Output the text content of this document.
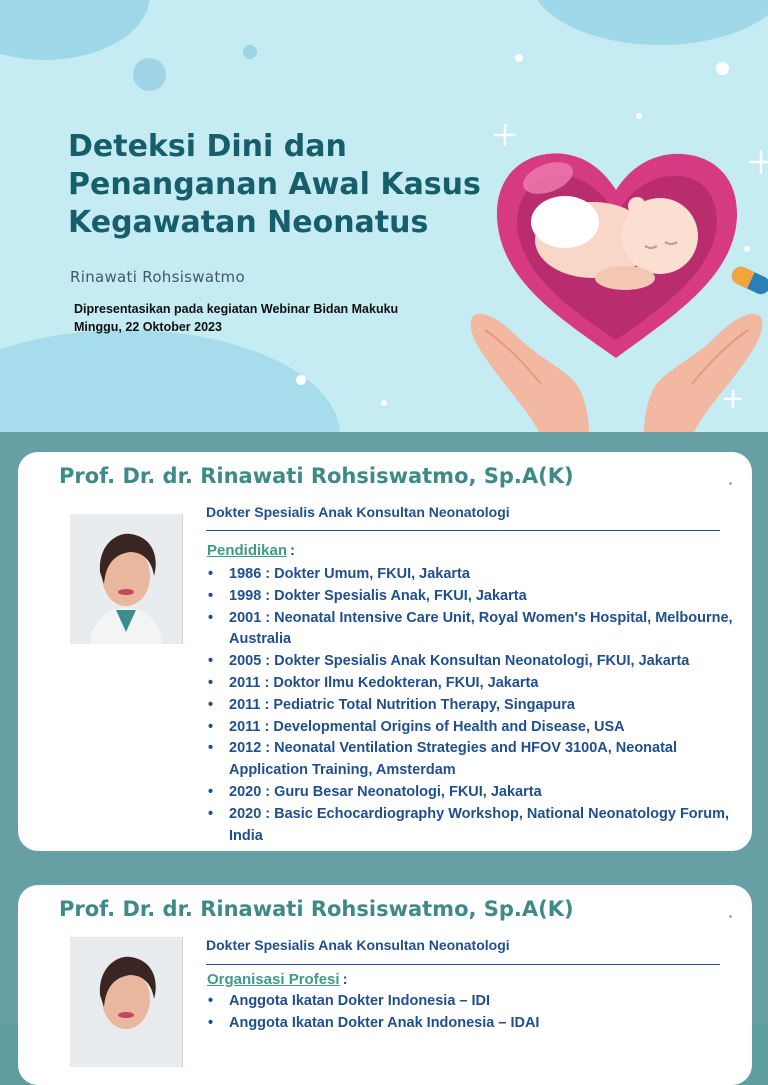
Deteksi Dini dan
Penanganan Awal Kasus
Kegawatan Neonatus
Rinawati Rohsiswatmo
Dipresentasikan pada kegiatan Webinar Bidan Makuku
Minggu, 22 Oktober 2023
Prof. Dr. dr. Rinawati Rohsiswatmo, Sp.A(K)
Dokter Spesialis Anak Konsultan Neonatologi
Pendidikan :
• 1986 : Dokter Umum, FKUI, Jakarta
• 1998 : Dokter Spesialis Anak, FKUI, Jakarta
• 2001 : Neonatal Intensive Care Unit, Royal Women's Hospital, Melbourne, Australia
• 2005 : Dokter Spesialis Anak Konsultan Neonatologi, FKUI, Jakarta
• 2011 : Doktor Ilmu Kedokteran, FKUI, Jakarta
• 2011 : Pediatric Total Nutrition Therapy, Singapura
• 2011 : Developmental Origins of Health and Disease, USA
• 2012 : Neonatal Ventilation Strategies and HFOV 3100A, Neonatal Application Training, Amsterdam
• 2020 : Guru Besar Neonatologi, FKUI, Jakarta
• 2020 : Basic Echocardiography Workshop, National Neonatology Forum, India
Prof. Dr. dr. Rinawati Rohsiswatmo, Sp.A(K)
Dokter Spesialis Anak Konsultan Neonatologi
Organisasi Profesi :
• Anggota Ikatan Dokter Indonesia – IDI
• Anggota Ikatan Dokter Anak Indonesia – IDAI
